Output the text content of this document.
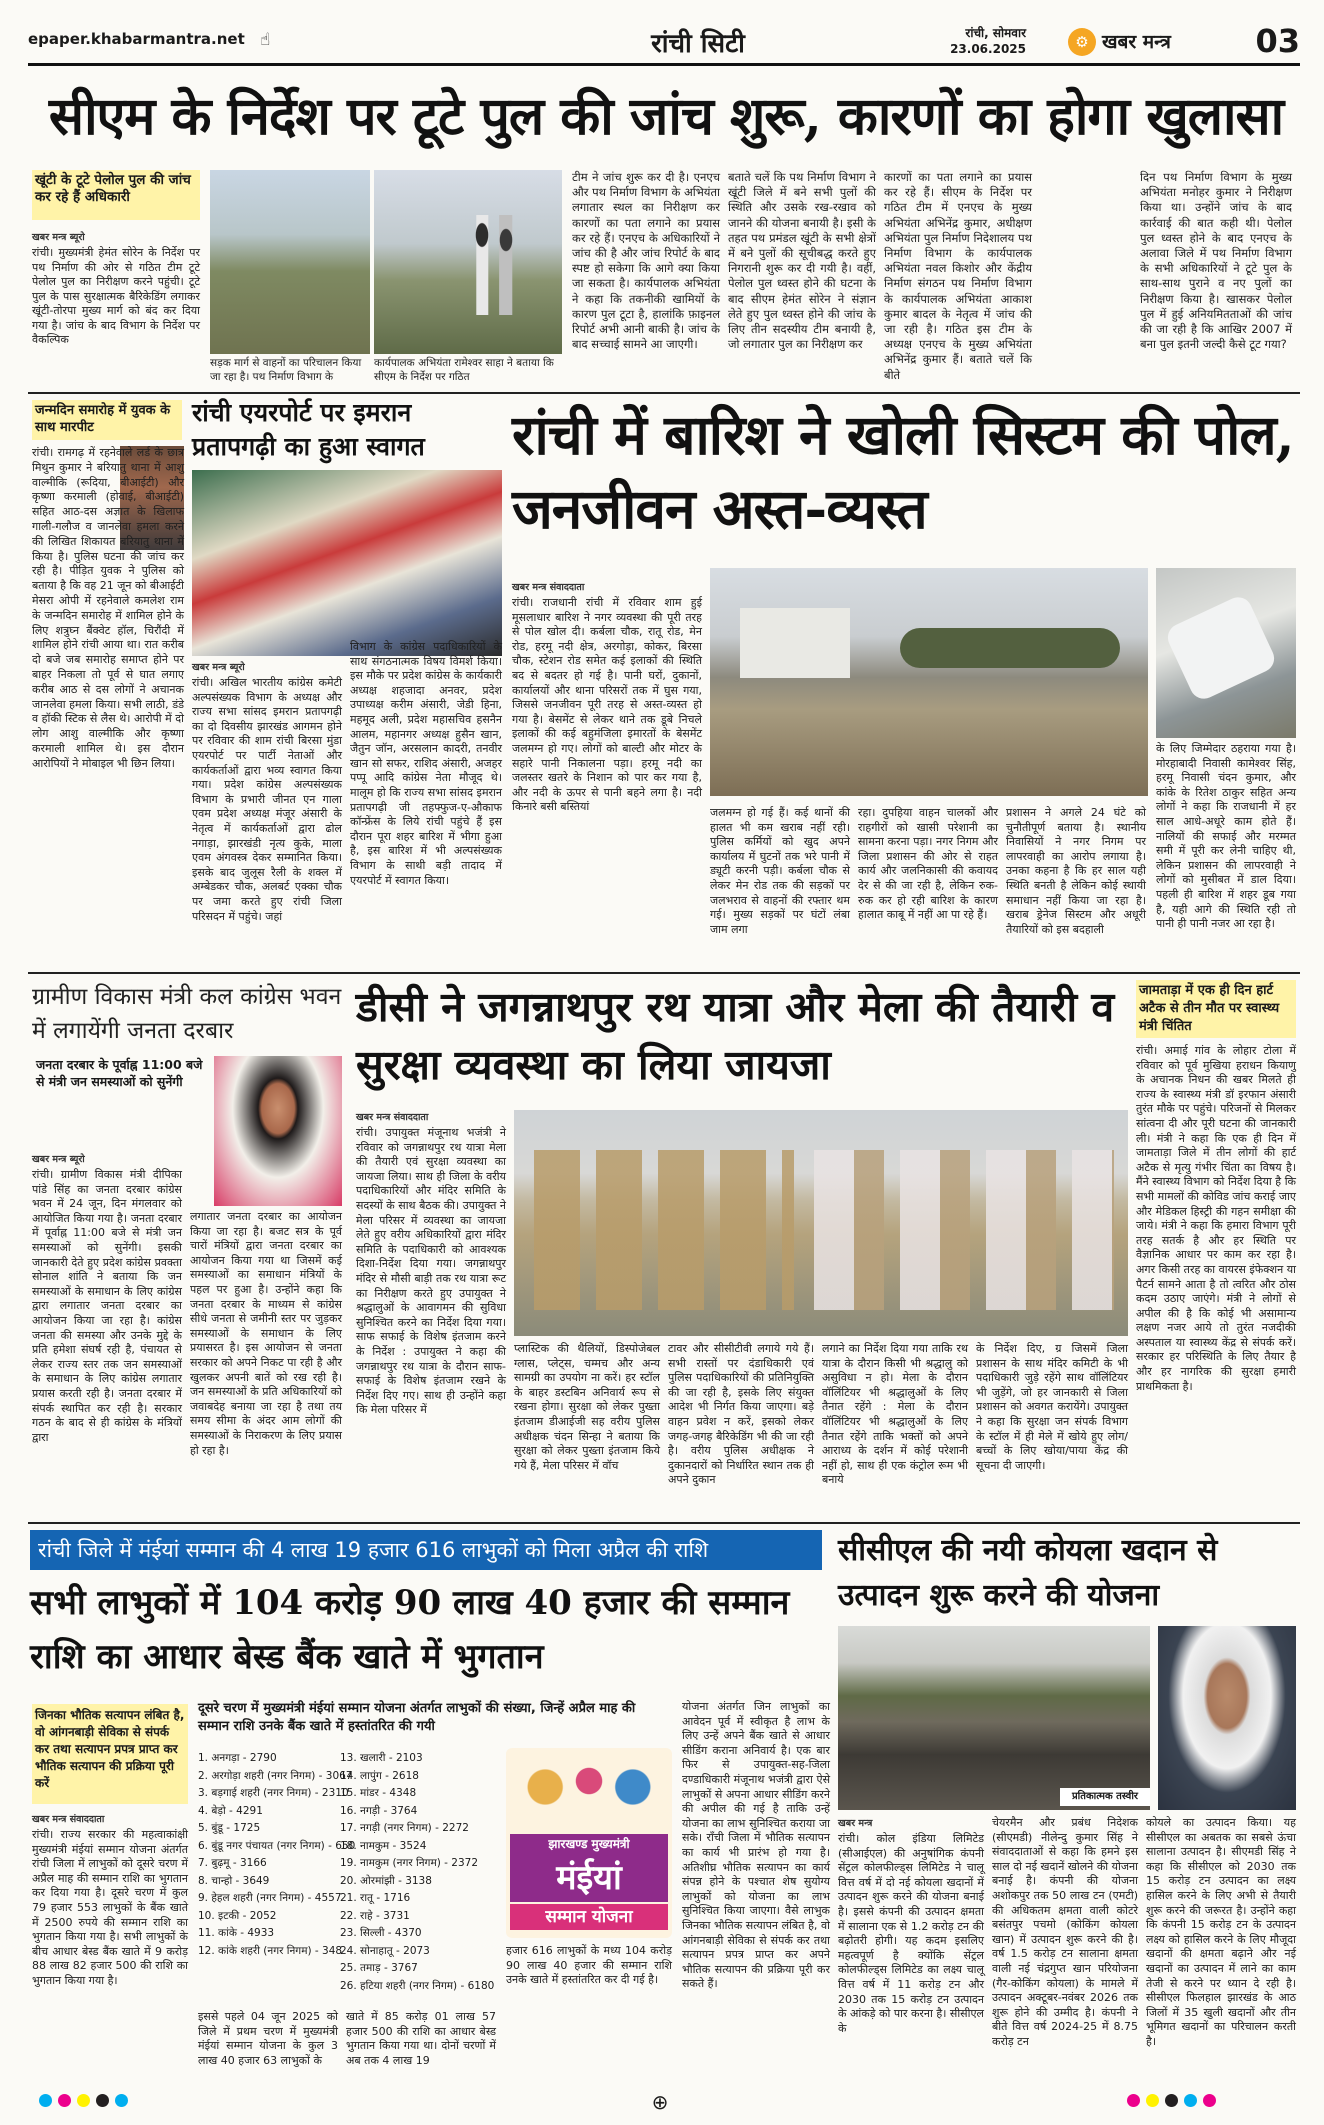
epaper.khabarmantra.net ☝	रांची सिटी	रांची, सोमवार
23.06.2025	⚙ खबर मन्त्र	03
सीएम के निर्देश पर टूटे पुल की जांच शुरू, कारणों का होगा खुलासा
खूंटी के टूटे पेलोल पुल की जांच कर रहे हैं अधिकारी
खबर मन्त्र ब्यूरो
रांची। मुख्यमंत्री हेमंत सोरेन के निर्देश पर पथ निर्माण की ओर से गठित टीम टूटे पेलोल पुल का निरीक्षण करने पहुंची। टूटे पुल के पास सुरक्षात्मक बैरिकेडिंग लगाकर खूंटी-तोरपा मुख्य मार्ग को बंद कर दिया गया है। जांच के बाद विभाग के निर्देश पर वैकल्पिक
सड़क मार्ग से वाहनों का परिचालन किया जा रहा है। पथ निर्माण विभाग के
कार्यपालक अभियंता रामेश्वर साहा ने बताया कि सीएम के निर्देश पर गठित
टीम ने जांच शुरू कर दी है। एनएच और पथ निर्माण विभाग के अभियंता लगातार स्थल का निरीक्षण कर कारणों का पता लगाने का प्रयास कर रहे हैं। एनएच के अधिकारियों ने जांच की है और जांच रिपोर्ट के बाद स्पष्ट हो सकेगा कि आगे क्या किया जा सकता है। कार्यपालक अभियंता ने कहा कि तकनीकी खामियों के कारण पुल टूटा है, हालांकि फ़ाइनल रिपोर्ट अभी आनी बाकी है। जांच के बाद सच्चाई सामने आ जाएगी।
बताते चलें कि पथ निर्माण विभाग ने खूंटी जिले में बने सभी पुलों की स्थिति और उसके रख-रखाव को जानने की योजना बनायी है। इसी के तहत पथ प्रमंडल खूंटी के सभी क्षेत्रों में बने पुलों की सूचीबद्ध करते हुए निगरानी शुरू कर दी गयी है। वहीं, पेलोल पुल ध्वस्त होने की घटना के बाद सीएम हेमंत सोरेन ने संज्ञान लेते हुए पुल ध्वस्त होने की जांच के लिए तीन सदस्यीय टीम बनायी है, जो लगातार पुल का निरीक्षण कर
कारणों का पता लगाने का प्रयास कर रहे हैं। सीएम के निर्देश पर गठित टीम में एनएच के मुख्य अभियंता अभिनेंद्र कुमार, अधीक्षण अभियंता पुल निर्माण निदेशालय पथ निर्माण विभाग के कार्यपालक अभियंता नवल किशोर और केंद्रीय निर्माण संगठन पथ निर्माण विभाग के कार्यपालक अभियंता आकाश कुमार बादल के नेतृत्व में जांच की जा रही है। गठित इस टीम के अध्यक्ष एनएच के मुख्य अभियंता अभिनेंद्र कुमार हैं। बताते चलें कि बीते
दिन पथ निर्माण विभाग के मुख्य अभियंता मनोहर कुमार ने निरीक्षण किया था। उन्होंने जांच के बाद कार्रवाई की बात कही थी। पेलोल पुल ध्वस्त होने के बाद एनएच के अलावा जिले में पथ निर्माण विभाग के सभी अधिकारियों ने टूटे पुल के साथ-साथ पुराने व नए पुलों का निरीक्षण किया है। खासकर पेलोल पुल में हुई अनियमितताओं की जांच की जा रही है कि आखिर 2007 में बना पुल इतनी जल्दी कैसे टूट गया?
जन्मदिन समारोह में युवक के साथ मारपीट
रांची। रामगढ़ में रहनेवाले लर्ड के छात्र मिथुन कुमार ने बरियातु थाना में आशु वाल्मीकि (रूदिया, बीआईटी) और कृष्णा करमाली (होवाई, बीआईटी) सहित आठ-दस अज्ञात के खिलाफ गाली-गलौज व जानलेवा हमला करने की लिखित शिकायत बरियातु थाना में किया है। पुलिस घटना की जांच कर रही है। पीड़ित युवक ने पुलिस को बताया है कि वह 21 जून को बीआईटी मेसरा ओपी में रहनेवाले कमलेश राम के जन्मदिन समारोह में शामिल होने के लिए शत्रुघ्न बैंक्वेट हॉल, चिरौंदी में शामिल होने रांची आया था। रात करीब दो बजे जब समारोह समाप्त होने पर बाहर निकला तो पूर्व से घात लगाए करीब आठ से दस लोगों ने अचानक जानलेवा हमला किया। सभी लाठी, डंडे व हॉकी स्टिक से लैस थे। आरोपी में दो लोग आशु वाल्मीकि और कृष्णा करमाली शामिल थे। इस दौरान आरोपियों ने मोबाइल भी छिन लिया।
रांची एयरपोर्ट पर इमरान प्रतापगढ़ी का हुआ स्वागत
खबर मन्त्र ब्यूरो
रांची। अखिल भारतीय कांग्रेस कमेटी अल्पसंख्यक विभाग के अध्यक्ष और राज्य सभा सांसद इमरान प्रतापगढ़ी का दो दिवसीय झारखंड आगमन होने पर रविवार की शाम रांची बिरसा मुंडा एयरपोर्ट पर पार्टी नेताओं और कार्यकर्ताओं द्वारा भव्य स्वागत किया गया। प्रदेश कांग्रेस अल्पसंख्यक विभाग के प्रभारी जीनत एन गाला एवम प्रदेश अध्यक्ष मंजूर अंसारी के नेतृत्व में कार्यकर्ताओं द्वारा ढोल नगाड़ा, झारखंडी नृत्य कुके, माला एवम अंगवस्त्र देकर सम्मानित किया। इसके बाद जुलूस रैली के शक्ल में अम्बेडकर चौक, अलबर्ट एक्का चौक पर जमा करते हुए रांची जिला परिसदन में पहुंचे। जहां
विभाग के कांग्रेस पदाधिकारियों के साथ संगठनात्मक विषय विमर्श किया। इस मौके पर प्रदेश कांग्रेस के कार्यकारी अध्यक्ष शहजादा अनवर, प्रदेश उपाध्यक्ष करीम अंसारी, जेडी हिना, महमूद अली, प्रदेश महासचिव हसनैन आलम, महानगर अध्यक्ष हुसैन खान, जैतुन जॉन, अरसलान कादरी, तनवीर खान सो सफर, राशिद अंसारी, अजहर पप्पू आदि कांग्रेस नेता मौजूद थे। मालूम हो कि राज्य सभा सांसद इमरान प्रतापगढ़ी जी तहफ्फुज-ए-औकाफ कॉन्फ्रेंस के लिये रांची पहुंचे हैं इस दौरान पूरा शहर बारिश में भीगा हुआ है, इस बारिश में भी अल्पसंख्यक विभाग के साथी बड़ी तादाद में एयरपोर्ट में स्वागत किया।
रांची में बारिश ने खोली सिस्टम की पोल, जनजीवन अस्त-व्यस्त
खबर मन्त्र संवाददाता
रांची। राजधानी रांची में रविवार शाम हुई मूसलाधार बारिश ने नगर व्यवस्था की पूरी तरह से पोल खोल दी। कर्बला चौक, रातू रोड, मेन रोड, हरमू नदी क्षेत्र, अरगोड़ा, कोकर, बिरसा चौक, स्टेशन रोड समेत कई इलाकों की स्थिति बद से बदतर हो गई है। पानी घरों, दुकानों, कार्यालयों और थाना परिसरों तक में घुस गया, जिससे जनजीवन पूरी तरह से अस्त-व्यस्त हो गया है। बेसमेंट से लेकर थाने तक डूबे निचले इलाकों की कई बहुमंजिला इमारतों के बेसमेंट जलमग्न हो गए। लोगों को बाल्टी और मोटर के सहारे पानी निकालना पड़ा। हरमू नदी का जलस्तर खतरे के निशान को पार कर गया है, और नदी के ऊपर से पानी बहने लगा है। नदी किनारे बसी बस्तियां	जलमग्न हो गई हैं। कई थानों की हालत भी कम खराब नहीं रही। पुलिस कर्मियों को खुद अपने कार्यालय में घुटनों तक भरे पानी में ड्यूटी करनी पड़ी। कर्बला चौक से लेकर मेन रोड तक की सड़कों पर जलभराव से वाहनों की रफ्तार थम गई। मुख्य सड़कों पर घंटों लंबा जाम लगा
रहा। दुपहिया वाहन चालकों और राहगीरों को खासी परेशानी का सामना करना पड़ा। नगर निगम और जिला प्रशासन की ओर से राहत कार्य और जलनिकासी की कवायद देर से की जा रही है, लेकिन रुक-रुक कर हो रही बारिश के कारण हालात काबू में नहीं आ पा रहे हैं।
प्रशासन ने अगले 24 घंटे को चुनौतीपूर्ण बताया है। स्थानीय निवासियों ने नगर निगम पर लापरवाही का आरोप लगाया है। उनका कहना है कि हर साल यही स्थिति बनती है लेकिन कोई स्थायी समाधान नहीं किया जा रहा है। खराब ड्रेनेज सिस्टम और अधूरी तैयारियों को इस बदहाली
के लिए जिम्मेदार ठहराया गया है। मोरहाबादी निवासी कामेश्वर सिंह, हरमू निवासी चंदन कुमार, और कांके के रितेश ठाकुर सहित अन्य लोगों ने कहा कि राजधानी में हर साल आधे-अधूरे काम होते हैं। नालियों की सफाई और मरम्मत समी में पूरी कर लेनी चाहिए थी, लेकिन प्रशासन की लापरवाही ने लोगों को मुसीबत में डाल दिया। पहली ही बारिश में शहर डूब गया है, यही आगे की स्थिति रही तो पानी ही पानी नजर आ रहा है।
ग्रामीण विकास मंत्री कल कांग्रेस भवन में लगायेंगी जनता दरबार
जनता दरबार के पूर्वाह्न 11:00 बजे से मंत्री जन समस्याओं को सुनेंगी
खबर मन्त्र ब्यूरो
रांची। ग्रामीण विकास मंत्री दीपिका पांडे सिंह का जनता दरबार कांग्रेस भवन में 24 जून, दिन मंगलवार को आयोजित किया गया है। जनता दरबार में पूर्वाह्न 11:00 बजे से मंत्री जन समस्याओं को सुनेंगी। इसकी जानकारी देते हुए प्रदेश कांग्रेस प्रवक्ता सोनाल शांति ने बताया कि जन समस्याओं के समाधान के लिए कांग्रेस द्वारा लगातार जनता दरबार का आयोजन किया जा रहा है। कांग्रेस जनता की समस्या और उनके मुद्दे के प्रति हमेशा संघर्ष रही है, पंचायत से लेकर राज्य स्तर तक जन समस्याओं के समाधान के लिए कांग्रेस लगातार प्रयास करती रही है। जनता दरबार में संपर्क स्थापित कर रही है। सरकार गठन के बाद से ही कांग्रेस के मंत्रियों द्वारा
लगातार जनता दरबार का आयोजन किया जा रहा है। बजट सत्र के पूर्व चारों मंत्रियों द्वारा जनता दरबार का आयोजन किया गया था जिसमें कई समस्याओं का समाधान मंत्रियों के पहल पर हुआ है। उन्होंने कहा कि जनता दरबार के माध्यम से कांग्रेस सीधे जनता से जमीनी स्तर पर जुड़कर समस्याओं के समाधान के लिए प्रयासरत है। इस आयोजन से जनता सरकार को अपने निकट पा रही है और खुलकर अपनी बातें को रख रही है। जन समस्याओं के प्रति अधिकारियों को जवाबदेह बनाया जा रहा है तथा तय समय सीमा के अंदर आम लोगों की समस्याओं के निराकरण के लिए प्रयास हो रहा है।
डीसी ने जगन्नाथपुर रथ यात्रा और मेला की तैयारी व सुरक्षा व्यवस्था का लिया जायजा
खबर मन्त्र संवाददाता
रांची। उपायुक्त मंजूनाथ भजंत्री ने रविवार को जगन्नाथपुर रथ यात्रा मेला की तैयारी एवं सुरक्षा व्यवस्था का जायजा लिया। साथ ही जिला के वरीय पदाधिकारियों और मंदिर समिति के सदस्यों के साथ बैठक की। उपायुक्त ने मेला परिसर में व्यवस्था का जायजा लेते हुए वरीय अधिकारियों द्वारा मंदिर समिति के पदाधिकारी को आवश्यक दिशा-निर्देश दिया गया। जगन्नाथपुर मंदिर से मौसी बाड़ी तक रथ यात्रा रूट का निरीक्षण करते हुए उपायुक्त ने श्रद्धालुओं के आवागमन की सुविधा सुनिश्चित करने का निर्देश दिया गया। साफ सफाई के विशेष इंतजाम करने के निर्देश : उपायुक्त ने कहा की जगन्नाथपुर रथ यात्रा के दौरान साफ-सफाई के विशेष इंतजाम रखने के निर्देश दिए गए। साथ ही उन्होंने कहा कि मेला परिसर में
प्लास्टिक की थैलियों, डिस्पोजेबल ग्लास, प्लेट्स, चम्मच और अन्य सामग्री का उपयोग ना करें। हर स्टॉल के बाहर डस्टबिन अनिवार्य रूप से रखना होगा। सुरक्षा को लेकर पुख्ता इंतजाम डीआईजी सह वरीय पुलिस अधीक्षक चंदन सिन्हा ने बताया कि सुरक्षा को लेकर पुख्ता इंतजाम किये गये हैं, मेला परिसर में वॉच
टावर और सीसीटीवी लगाये गये हैं। सभी रास्तों पर दंडाधिकारी एवं पुलिस पदाधिकारियों की प्रतिनियुक्ति की जा रही है, इसके लिए संयुक्त आदेश भी निर्गत किया जाएगा। बड़े वाहन प्रवेश न करें, इसको लेकर जगह-जगह बैरिकेडिंग भी की जा रही है। वरीय पुलिस अधीक्षक ने दुकानदारों को निर्धारित स्थान तक ही अपने दुकान
लगाने का निर्देश दिया गया ताकि रथ यात्रा के दौरान किसी भी श्रद्धालु को असुविधा न हो। मेला के दौरान वॉलिंटियर भी श्रद्धालुओं के लिए तैनात रहेंगे : मेला के दौरान वॉलिंटियर भी श्रद्धालुओं के लिए तैनात रहेंगे ताकि भक्तों को अपने आराध्य के दर्शन में कोई परेशानी नहीं हो, साथ ही एक कंट्रोल रूम भी बनाये
के निर्देश दिए, ग्र जिसमें जिला प्रशासन के साथ मंदिर कमिटी के भी पदाधिकारी जुड़े रहेंगे साथ वॉलिंटियर भी जुड़ेंगे, जो हर जानकारी से जिला प्रशासन को अवगत करायेंगे। उपायुक्त ने कहा कि सुरक्षा जन संपर्क विभाग के स्टॉल में ही मेले में खोये हुए लोग/ बच्चों के लिए खोया/पाया केंद्र की सूचना दी जाएगी।
जामताड़ा में एक ही दिन हार्ट अटैक से तीन मौत पर स्वास्थ्य मंत्री चिंतित
रांची। अमाई गांव के लोहार टोला में रविवार को पूर्व मुखिया हराधन कियाणु के अचानक निधन की खबर मिलते ही राज्य के स्वास्थ्य मंत्री डॉ इरफान अंसारी तुरंत मौके पर पहुंचे। परिजनों से मिलकर सांत्वना दी और पूरी घटना की जानकारी ली। मंत्री ने कहा कि एक ही दिन में जामताड़ा जिले में तीन लोगों की हार्ट अटैक से मृत्यु गंभीर चिंता का विषय है। मैंने स्वास्थ्य विभाग को निर्देश दिया है कि सभी मामलों की कोविड जांच कराई जाए और मेडिकल हिस्ट्री की गहन समीक्षा की जाये। मंत्री ने कहा कि हमारा विभाग पूरी तरह सतर्क है और हर स्थिति पर वैज्ञानिक आधार पर काम कर रहा है। अगर किसी तरह का वायरस इंफेक्शन या पैटर्न सामने आता है तो त्वरित और ठोस कदम उठाए जाएंगे। मंत्री ने लोगों से अपील की है कि कोई भी असामान्य लक्षण नजर आये तो तुरंत नजदीकी अस्पताल या स्वास्थ्य केंद्र से संपर्क करें। सरकार हर परिस्थिति के लिए तैयार है और हर नागरिक की सुरक्षा हमारी प्राथमिकता है।
रांची जिले में मंईयां सम्मान की 4 लाख 19 हजार 616 लाभुकों को मिला अप्रैल की राशि
सभी लाभुकों में 104 करोड़ 90 लाख 40 हजार की सम्मान राशि का आधार बेस्ड बैंक खाते में भुगतान
जिनका भौतिक सत्यापन लंबित है, वो आंगनबाड़ी सेविका से संपर्क कर तथा सत्यापन प्रपत्र प्राप्त कर भौतिक सत्यापन की प्रक्रिया पूरी करें
खबर मन्त्र संवाददाता
रांची। राज्य सरकार की महत्वाकांक्षी मुख्यमंत्री मंईयां सम्मान योजना अंतर्गत रांची जिला में लाभुकों को दूसरे चरण में अप्रैल माह की सम्मान राशि का भुगतान कर दिया गया है। दूसरे चरण में कुल 79 हजार 553 लाभुकों के बैंक खाते में 2500 रुपये की सम्मान राशि का भुगतान किया गया है। सभी लाभुकों के बीच आधार बेस्ड बैंक खाते में 9 करोड़ 88 लाख 82 हजार 500 की राशि का भुगतान किया गया है।
दूसरे चरण में मुख्यमंत्री मंईयां सम्मान योजना अंतर्गत लाभुकों की संख्या, जिन्हें अप्रैल माह की सम्मान राशि उनके बैंक खाते में हस्तांतरित की गयी
1. अनगड़ा - 2790
2. अरगोड़ा शहरी (नगर निगम) - 3067
3. बड़गाई शहरी (नगर निगम) - 2310
4. बेड़ो - 4291
5. बुंडू - 1725
6. बुंडू नगर पंचायत (नगर निगम) - 650
7. बुढ़मू - 3166
8. चान्हो - 3649
9. हेहल शहरी (नगर निगम) - 4557
10. इटकी - 2052
11. कांके - 4933
12. कांके शहरी (नगर निगम) - 348
13. खलारी - 2103
14. लापुंग - 2618
15. मांडर - 4348
16. नगड़ी - 3764
17. नगड़ी (नगर निगम) - 2272
18. नामकुम - 3524
19. नामकुम (नगर निगम) - 2372
20. ओरमांझी - 3138
21. रातू - 1716
22. राहे - 3731
23. सिल्ली - 4370
24. सोनाहातू - 2073
25. तमाड़ - 3767
26. हटिया शहरी (नगर निगम) - 6180
झारखण्ड मुख्यमंत्री
मंईयां
सम्मान योजना
इससे पहले 04 जून 2025 को जिले में प्रथम चरण में मुख्यमंत्री मंईयां सम्मान योजना के कुल 3 लाख 40 हजार 63 लाभुकों के
खाते में 85 करोड़ 01 लाख 57 हजार 500 की राशि का आधार बेस्ड भुगतान किया गया था। दोनों चरणों में अब तक 4 लाख 19
हजार 616 लाभुकों के मध्य 104 करोड़ 90 लाख 40 हजार की सम्मान राशि उनके खाते में हस्तांतरित कर दी गई है।
योजना अंतर्गत जिन लाभुकों का आवेदन पूर्व में स्वीकृत है लाभ के लिए उन्हें अपने बैंक खाते से आधार सीडिंग कराना अनिवार्य है। एक बार फिर से उपायुक्त-सह-जिला दण्डाधिकारी मंजूनाथ भजंत्री द्वारा ऐसे लाभुकों से अपना आधार सीडिंग करने की अपील की गई है ताकि उन्हें योजना का लाभ सुनिश्चित कराया जा सके। राँची जिला में भौतिक सत्यापन का कार्य भी प्रारंभ हो गया है। अतिशीघ्र भौतिक सत्यापन का कार्य संपन्न होने के पश्चात शेष सुयोग्य लाभुकों को योजना का लाभ सुनिश्चित किया जाएगा। वैसे लाभुक जिनका भौतिक सत्यापन लंबित है, वो आंगनबाड़ी सेविका से संपर्क कर तथा सत्यापन प्रपत्र प्राप्त कर अपने भौतिक सत्यापन की प्रक्रिया पूरी कर सकते हैं।
सीसीएल की नयी कोयला खदान से उत्पादन शुरू करने की योजना
प्रतिकात्मक तस्वीर
खबर मन्त्र
रांची। कोल इंडिया लिमिटेड (सीआईएल) की अनुषांगिक कंपनी सेंट्रल कोलफील्ड्स लिमिटेड ने चालू वित्त वर्ष में दो नई कोयला खदानों में उत्पादन शुरू करने की योजना बनाई है। इससे कंपनी की उत्पादन क्षमता में सालाना एक से 1.2 करोड़ टन की बढ़ोतरी होगी। यह कदम इसलिए महत्वपूर्ण है क्योंकि सेंट्रल कोलफील्ड्स लिमिटेड का लक्ष्य चालू वित्त वर्ष में 11 करोड़ टन और 2030 तक 15 करोड़ टन उत्पादन के आंकड़े को पार करना है। सीसीएल के
चेयरमैन और प्रबंध निदेशक (सीएमडी) नीलेन्दु कुमार सिंह ने संवाददाताओं से कहा कि हमने इस साल दो नई खदानें खोलने की योजना बनाई है। कंपनी की योजना अशोकपुर तक 50 लाख टन (एमटी) की अधिकतम क्षमता वाली कोटरे बसंतपुर पचमो (कोकिंग कोयला खान) में उत्पादन शुरू करने की है। वर्ष 1.5 करोड़ टन सालाना क्षमता वाली नई चंद्रगुप्त खान परियोजना (गैर-कोकिंग कोयला) के मामले में उत्पादन अक्टूबर-नवंबर 2026 तक शुरू होने की उम्मीद है। कंपनी ने बीते वित्त वर्ष 2024-25 में 8.75 करोड़ टन
कोयले का उत्पादन किया। यह सीसीएल का अबतक का सबसे ऊंचा सालाना उत्पादन है। सीएमडी सिंह ने कहा कि सीसीएल को 2030 तक 15 करोड़ टन उत्पादन का लक्ष्य हासिल करने के लिए अभी से तैयारी शुरू करने की जरूरत है। उन्होंने कहा कि कंपनी 15 करोड़ टन के उत्पादन लक्ष्य को हासिल करने के लिए मौजूदा खदानों की क्षमता बढ़ाने और नई खदानों का उत्पादन में लाने का काम तेजी से करने पर ध्यान दे रही है। सीसीएल फिलहाल झारखंड के आठ जिलों में 35 खुली खदानों और तीन भूमिगत खदानों का परिचालन करती है।
⊕
